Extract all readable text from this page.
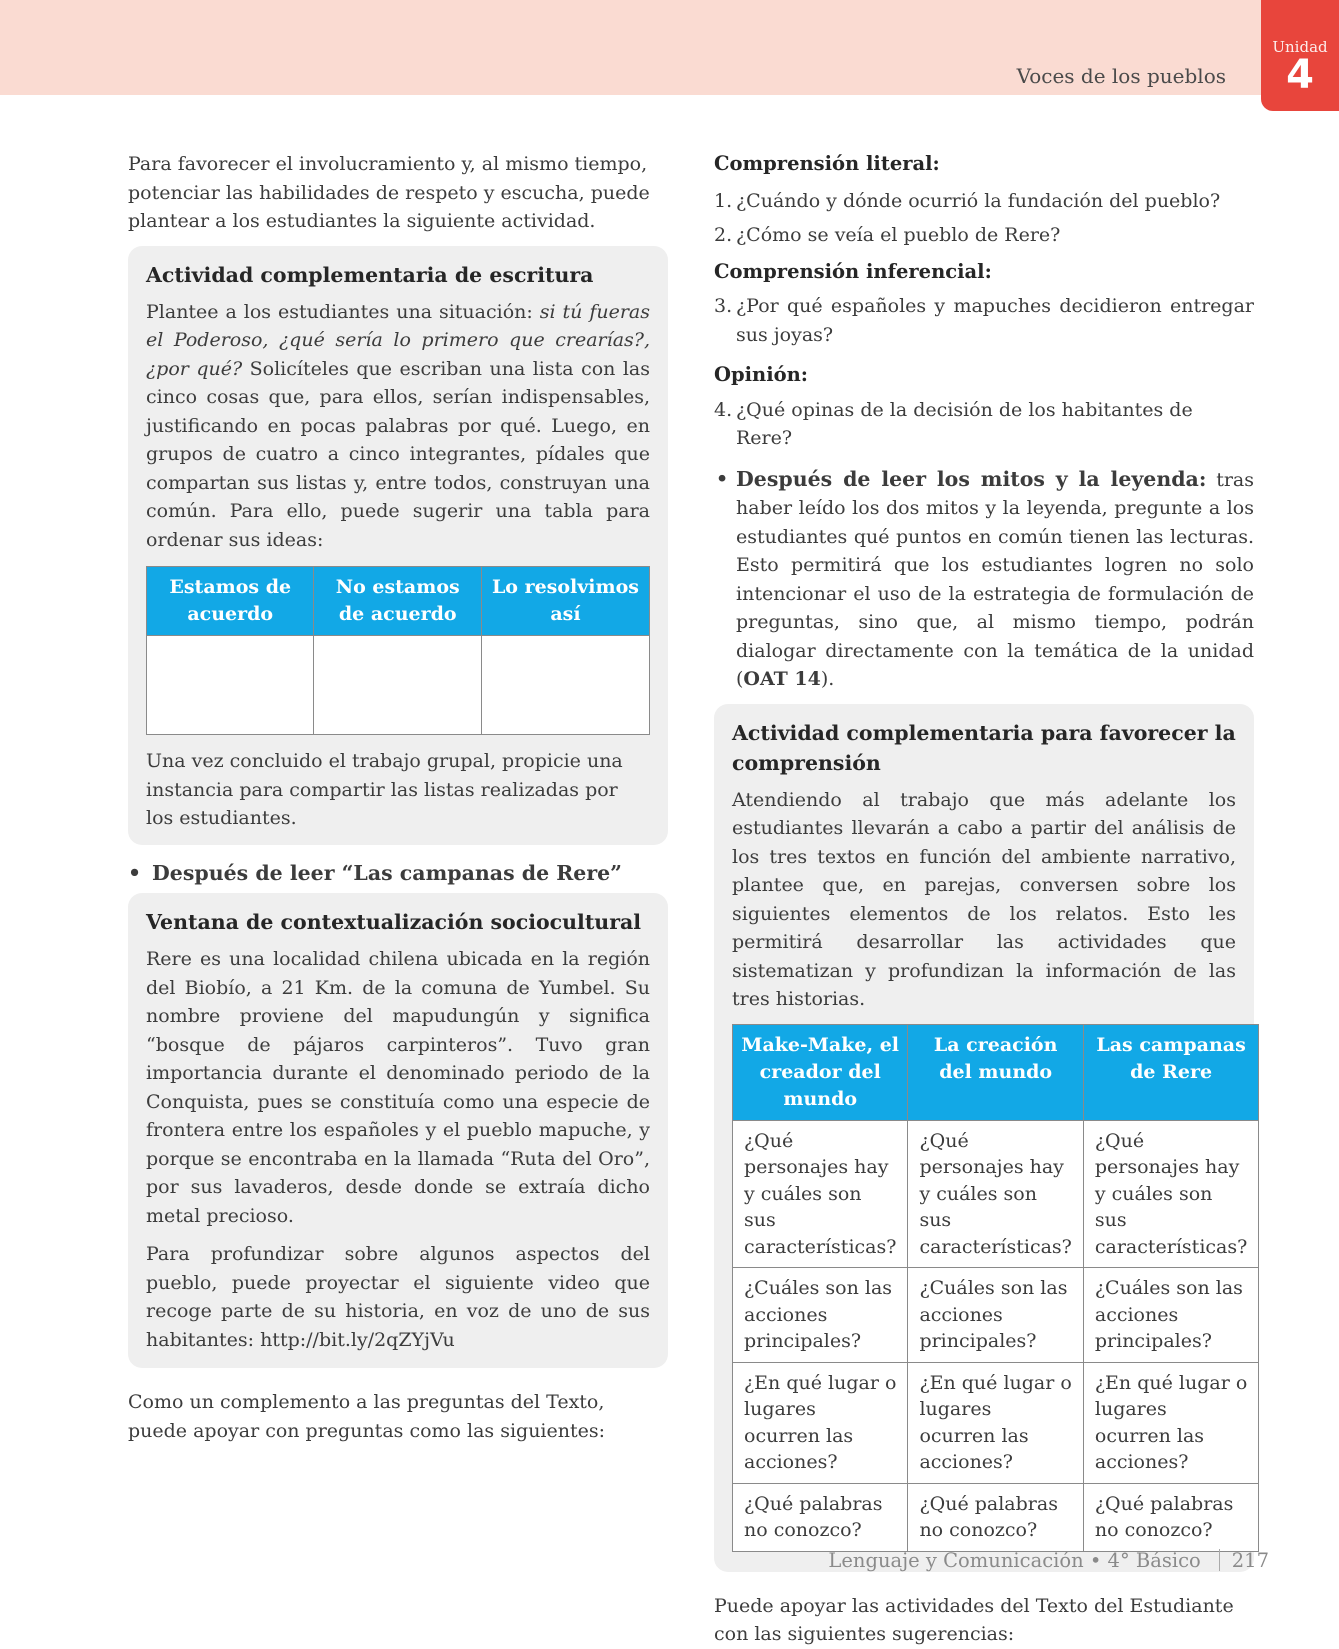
Voces de los pueblos
Unidad
4

Para favorecer el involucramiento y, al mismo tiempo, potenciar las habilidades de respeto y escucha, puede plantear a los estudiantes la siguiente actividad.

Actividad complementaria de escritura

Plantee a los estudiantes una situación: si tú fueras el Poderoso, ¿qué sería lo primero que crearías?, ¿por qué? Solicíteles que escriban una lista con las cinco cosas que, para ellos, serían indispensables, justificando en pocas palabras por qué. Luego, en grupos de cuatro a cinco integrantes, pídales que compartan sus listas y, entre todos, construyan una común. Para ello, puede sugerir una tabla para ordenar sus ideas:

Estamos de acuerdo	No estamos de acuerdo	Lo resolvimos así

Una vez concluido el trabajo grupal, propicie una instancia para compartir las listas realizadas por los estudiantes.

• Después de leer “Las campanas de Rere”
Ventana de contextualización sociocultural

Rere es una localidad chilena ubicada en la región del Biobío, a 21 Km. de la comuna de Yumbel. Su nombre proviene del mapudungún y significa “bosque de pájaros carpinteros”. Tuvo gran importancia durante el denominado periodo de la Conquista, pues se constituía como una especie de frontera entre los españoles y el pueblo mapuche, y porque se encontraba en la llamada “Ruta del Oro”, por sus lavaderos, desde donde se extraía dicho metal precioso.

Para profundizar sobre algunos aspectos del pueblo, puede proyectar el siguiente video que recoge parte de su historia, en voz de uno de sus habitantes: http://bit.ly/2qZYjVu

Como un complemento a las preguntas del Texto, puede apoyar con preguntas como las siguientes:

Comprensión literal:
1. ¿Cuándo y dónde ocurrió la fundación del pueblo?
2. ¿Cómo se veía el pueblo de Rere?
Comprensión inferencial:
3. ¿Por qué españoles y mapuches decidieron entregar sus joyas?
Opinión:
4. ¿Qué opinas de la decisión de los habitantes de Rere?

• Después de leer los mitos y la leyenda: tras haber leído los dos mitos y la leyenda, pregunte a los estudiantes qué puntos en común tienen las lecturas. Esto permitirá que los estudiantes logren no solo intencionar el uso de la estrategia de formulación de preguntas, sino que, al mismo tiempo, podrán dialogar directamente con la temática de la unidad (OAT 14).

Actividad complementaria para favorecer la comprensión

Atendiendo al trabajo que más adelante los estudiantes llevarán a cabo a partir del análisis de los tres textos en función del ambiente narrativo, plantee que, en parejas, conversen sobre los siguientes elementos de los relatos. Esto les permitirá desarrollar las actividades que sistematizan y profundizan la información de las tres historias.

Make-Make, el creador del mundo	La creación del mundo	Las campanas de Rere
¿Qué personajes hay y cuáles son sus características?	¿Qué personajes hay y cuáles son sus características?	¿Qué personajes hay y cuáles son sus características?
¿Cuáles son las acciones principales?	¿Cuáles son las acciones principales?	¿Cuáles son las acciones principales?
¿En qué lugar o lugares ocurren las acciones?	¿En qué lugar o lugares ocurren las acciones?	¿En qué lugar o lugares ocurren las acciones?
¿Qué palabras no conozco?	¿Qué palabras no conozco?	¿Qué palabras no conozco?

Puede apoyar las actividades del Texto del Estudiante con las siguientes sugerencias:

Lenguaje y Comunicación • 4° Básico 217
